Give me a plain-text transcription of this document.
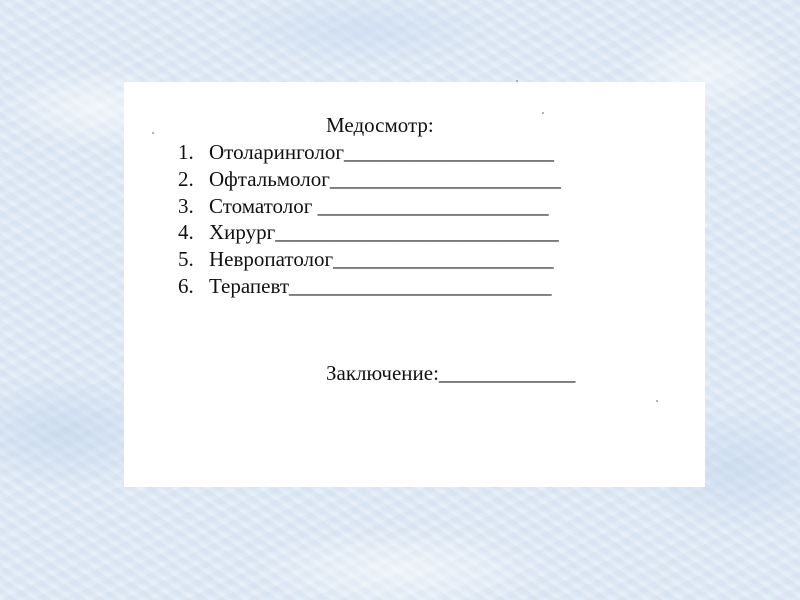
Медосмотр:
1. Отоларинголог____________________
2. Офтальмолог______________________
3. Стоматолог ______________________
4. Хирург___________________________
5. Невропатолог_____________________
6. Терапевт_________________________
Заключение:_____________
